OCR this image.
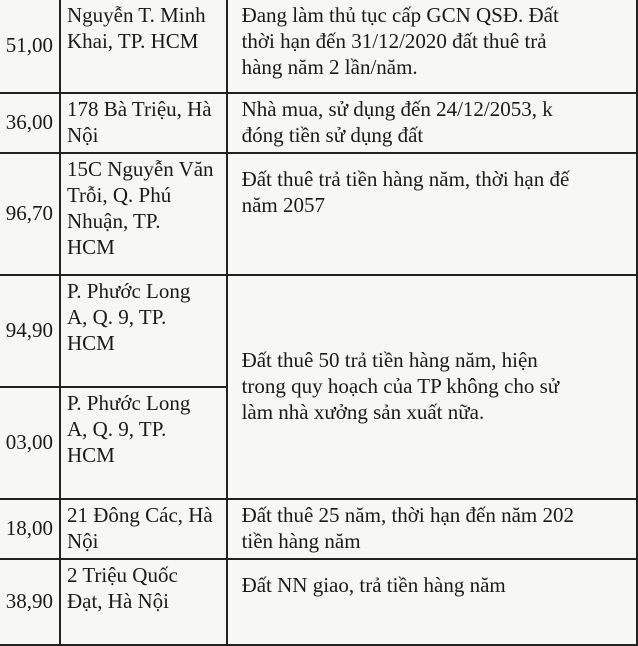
51,00	Nguyễn T. Minh
Khai, TP. HCM	Đang làm thủ tục cấp GCN QSĐ. Đất
thời hạn đến 31/12/2020 đất thuê trả
hàng năm 2 lần/năm.

36,00	178 Bà Triệu, Hà
Nội	Nhà mua, sử dụng đến 24/12/2053, k
đóng tiền sử dụng đất

96,70	15C Nguyễn Văn
Trỗi, Q. Phú
Nhuận, TP.
HCM	Đất thuê trả tiền hàng năm, thời hạn đế
năm 2057

94,90	P. Phước Long
A, Q. 9, TP.
HCM	Đất thuê 50 trả tiền hàng năm, hiện
trong quy hoạch của TP không cho sử
làm nhà xưởng sản xuất nữa.

03,00	P. Phước Long
A, Q. 9, TP.
HCM	

18,00	21 Đông Các, Hà
Nội	Đất thuê 25 năm, thời hạn đến năm 202
tiền hàng năm

38,90	2 Triệu Quốc
Đạt, Hà Nội	Đất NN giao, trả tiền hàng năm
